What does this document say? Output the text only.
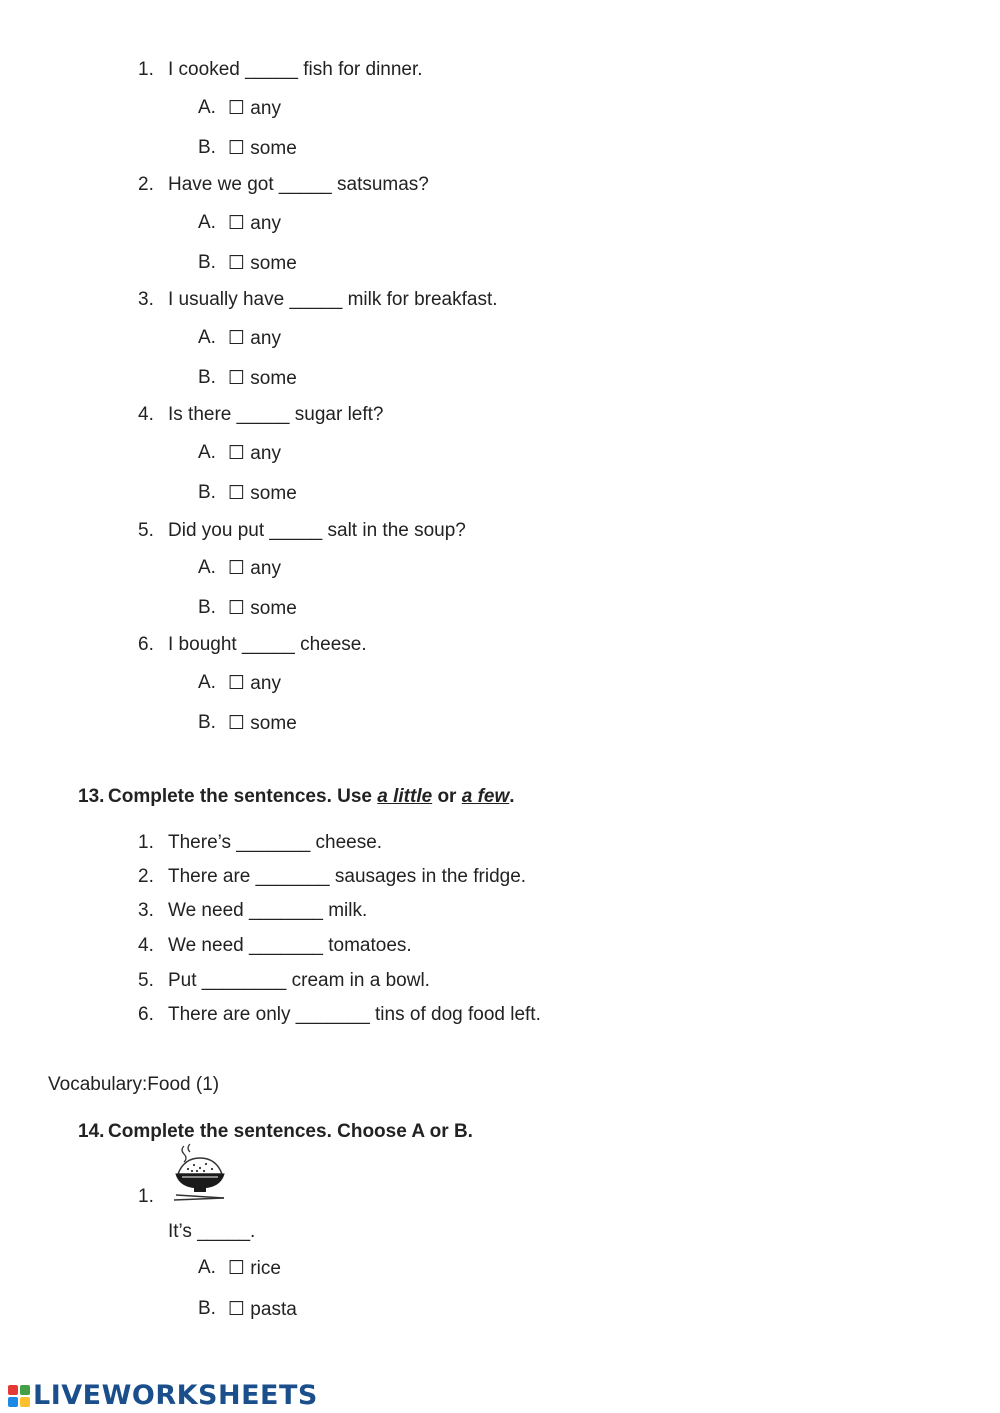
1. I cooked _____ fish for dinner.
A. ☐ any
B. ☐ some
2. Have we got _____ satsumas?
A. ☐ any
B. ☐ some
3. I usually have _____ milk for breakfast.
A. ☐ any
B. ☐ some
4. Is there _____ sugar left?
A. ☐ any
B. ☐ some
5. Did you put _____ salt in the soup?
A. ☐ any
B. ☐ some
6. I bought _____ cheese.
A. ☐ any
B. ☐ some
13. Complete the sentences. Use a little or a few.
1. There’s _______ cheese.
2. There are _______ sausages in the fridge.
3. We need _______ milk.
4. We need _______ tomatoes.
5. Put ________ cream in a bowl.
6. There are only _______ tins of dog food left.
Vocabulary:Food (1)
14. Complete the sentences. Choose A or B.
1.
It’s _____.
A. ☐ rice
B. ☐ pasta
LIVEWORKSHEETS
